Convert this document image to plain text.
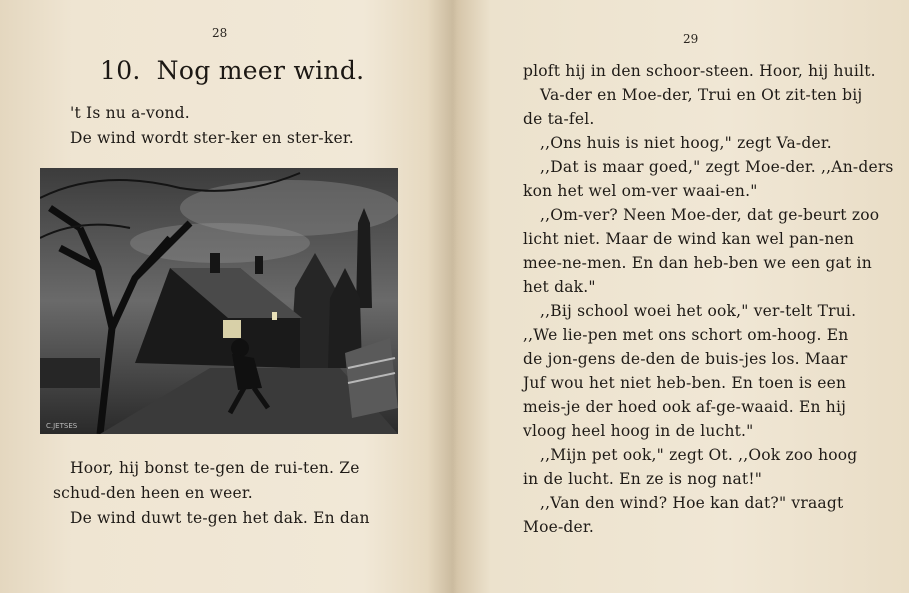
28
10. Nog meer wind.
't Is nu a-vond.
De wind wordt ster-ker en ster-ker.
C.JETSES
Hoor, hij bonst te-gen de rui-ten. Ze
schud-den heen en weer.
De wind duwt te-gen het dak. En dan
29
ploft hij in den schoor-steen. Hoor, hij huilt.
Va-der en Moe-der, Trui en Ot zit-ten bij
de ta-fel.
,,Ons huis is niet hoog," zegt Va-der.
,,Dat is maar goed," zegt Moe-der. ,,An-ders
kon het wel om-ver waai-en."
,,Om-ver? Neen Moe-der, dat ge-beurt zoo
licht niet. Maar de wind kan wel pan-nen
mee-ne-men. En dan heb-ben we een gat in
het dak."
,,Bij school woei het ook," ver-telt Trui.
,,We lie-pen met ons schort om-hoog. En
de jon-gens de-den de buis-jes los. Maar
Juf wou het niet heb-ben. En toen is een
meis-je der hoed ook af-ge-waaid. En hij
vloog heel hoog in de lucht."
,,Mijn pet ook," zegt Ot. ,,Ook zoo hoog
in de lucht. En ze is nog nat!"
,,Van den wind? Hoe kan dat?" vraagt
Moe-der.
